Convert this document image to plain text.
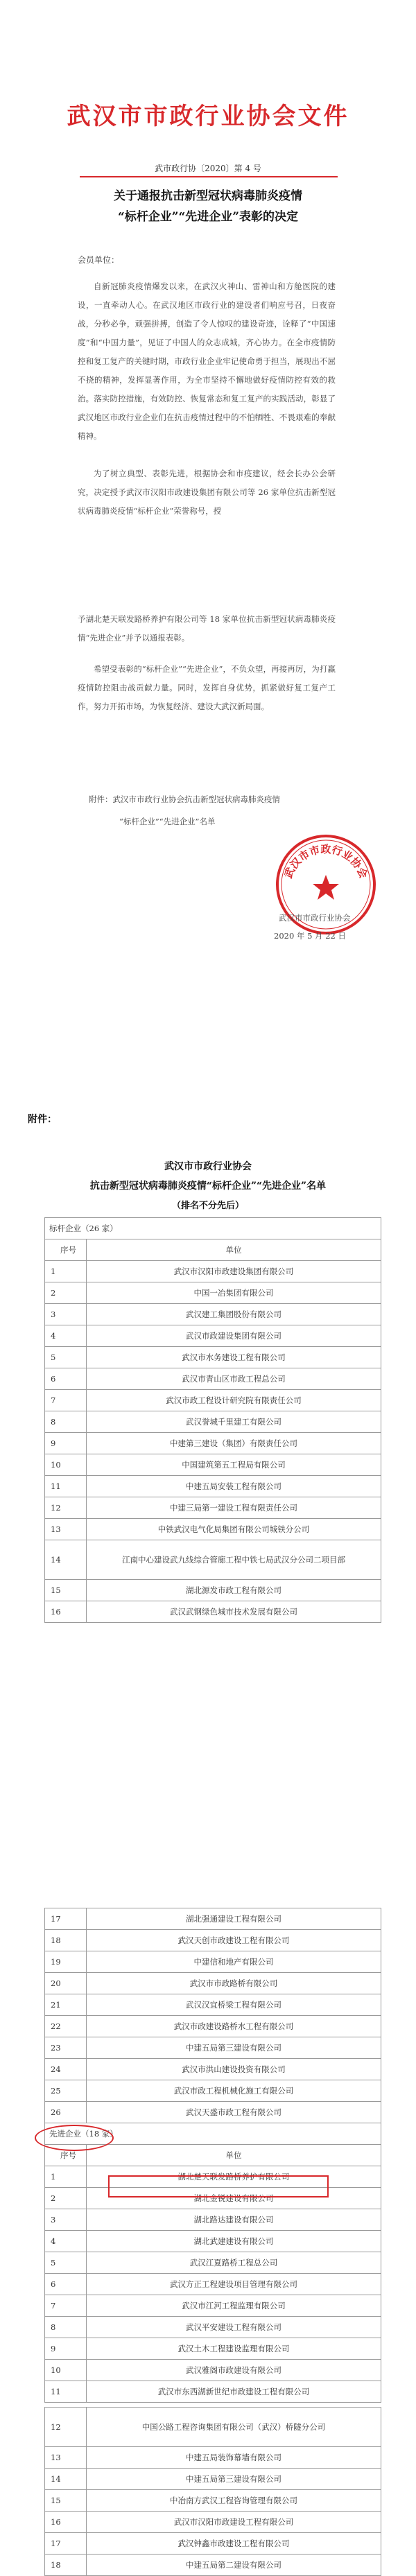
武汉市市政行业协会文件
武市政行协〔2020〕第 4 号
关于通报抗击新型冠状病毒肺炎疫情
“标杆企业”“先进企业”表彰的决定
会员单位：

自新冠肺炎疫情爆发以来，在武汉火神山、雷神山和方舱医院的建设，一直牵动人心。在武汉地区市政行业的建设者们响应号召，日夜奋战，分秒必争，顽强拼搏，创造了令人惊叹的建设奇迹，诠释了“中国速度”和“中国力量”，见证了中国人的众志成城，齐心协力。在全市疫情防控和复工复产的关键时期，市政行业企业牢记使命勇于担当，展现出不屈不挠的精神，发挥显著作用，为全市坚持不懈地做好疫情防控有效的救治。落实防控措施，有效防控、恢复常态和复工复产的实践活动，彰显了武汉地区市政行业企业们在抗击疫情过程中的不怕牺牲、不畏艰难的奉献精神。

为了树立典型、表彰先进，根据协会和市疫建议，经会长办公会研究，决定授予武汉市汉阳市政建设集团有限公司等 26 家单位抗击新型冠状病毒肺炎疫情“标杆企业”荣誉称号，授

予湖北楚天联发路桥养护有限公司等 18 家单位抗击新型冠状病毒肺炎疫情“先进企业”并予以通报表彰。

希望受表彰的“标杆企业”“先进企业”，不负众望，再接再厉，为打赢疫情防控阻击战贡献力量。同时，发挥自身优势，抓紧做好复工复产工作，努力开拓市场，为恢复经济、建设大武汉新局面。

附件：武汉市市政行业协会抗击新型冠状病毒肺炎疫情
“标杆企业”“先进企业”名单
武汉市市政行业协会
武汉市市政行业协会
2020 年 5 月 22 日
附件：
武汉市市政行业协会
抗击新型冠状病毒肺炎疫情“标杆企业”“先进企业”名单
（排名不分先后）
标杆企业（26 家）	
序号	单位
1	武汉市汉阳市政建设集团有限公司
2	中国一冶集团有限公司
3	武汉建工集团股份有限公司
4	武汉市政建设集团有限公司
5	武汉市水务建设工程有限公司
6	武汉市青山区市政工程总公司
7	武汉市政工程设计研究院有限责任公司
8	武汉誉城千里建工有限公司
9	中建第三建设（集团）有限责任公司
10	中国建筑第五工程局有限公司
11	中建五局安装工程有限公司
12	中建三局第一建设工程有限责任公司
13	中铁武汉电气化局集团有限公司城铁分公司
14	江南中心建设武九线综合管廊工程中铁七局武汉分公司二项目部
15	湖北源发市政工程有限公司
16	武汉武钢绿色城市技术发展有限公司
17	湖北强通建设工程有限公司
18	武汉天创市政建设工程有限公司
19	中建信和地产有限公司
20	武汉市市政路桥有限公司
21	武汉汉宜桥梁工程有限公司
22	武汉市政建设路桥水工程有限公司
23	中建五局第三建设有限公司
24	武汉市洪山建设投资有限公司
25	武汉市政工程机械化施工有限公司
26	武汉天盛市政工程有限公司
先进企业（18 家）	
序号	单位
1	湖北楚天联发路桥养护有限公司
2	湖北金锐建设有限公司
3	湖北路达建设有限公司
4	湖北武建建设有限公司
5	武汉江夏路桥工程总公司
6	武汉方正工程建设项目管理有限公司
7	武汉市江河工程监理有限公司
8	武汉平安建设工程有限公司
9	武汉土木工程建设监理有限公司
10	武汉雅阁市政建设有限公司
11	武汉市东西湖新世纪市政建设工程有限公司
12	中国公路工程咨询集团有限公司（武汉）桥隧分公司
13	中建五局装饰幕墙有限公司
14	中建五局第三建设有限公司
15	中冶南方武汉工程咨询管理有限公司
16	武汉市汉阳市政建设工程有限公司
17	武汉钟鑫市政建设工程有限公司
18	中建五局第二建设有限公司
